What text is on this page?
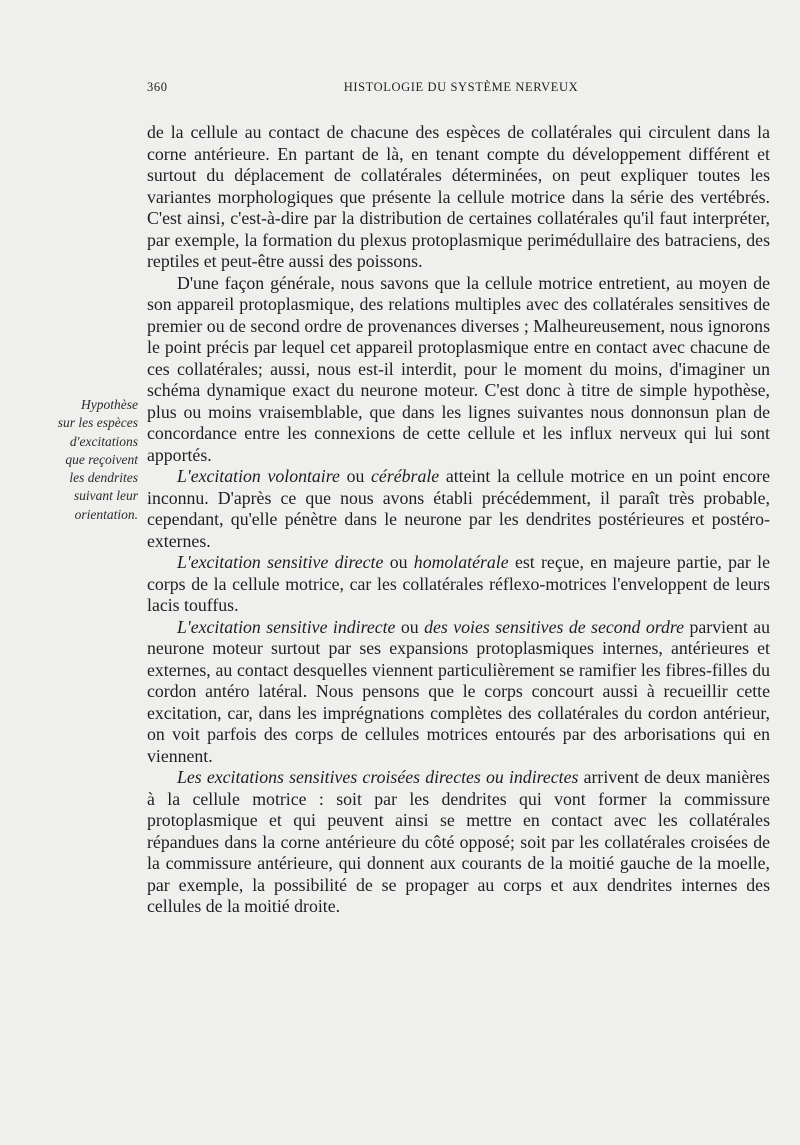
360	HISTOLOGIE DU SYSTÈME NERVEUX
Hypothèse
sur les espèces
d'excitations
que reçoivent
les dendrites
suivant leur
orientation.

de la cellule au contact de chacune des espèces de collatérales qui circulent dans la corne antérieure. En partant de là, en tenant compte du développement différent et surtout du déplacement de collatérales déterminées, on peut expliquer toutes les variantes morphologiques que présente la cellule motrice dans la série des vertébrés. C'est ainsi, c'est-à-dire par la distribution de certaines collatérales qu'il faut interpréter, par exemple, la formation du plexus protoplasmique perimédullaire des batraciens, des reptiles et peut-être aussi des poissons.

D'une façon générale, nous savons que la cellule motrice entretient, au moyen de son appareil protoplasmique, des relations multiples avec des collatérales sensitives de premier ou de second ordre de provenances diverses ; Malheureusement, nous ignorons le point précis par lequel cet appareil protoplasmique entre en contact avec chacune de ces collatérales; aussi, nous est-il interdit, pour le moment du moins, d'imaginer un schéma dynamique exact du neurone moteur. C'est donc à titre de simple hypothèse, plus ou moins vraisemblable, que dans les lignes suivantes nous donnonsun plan de concordance entre les connexions de cette cellule et les influx nerveux qui lui sont apportés.

L'excitation volontaire ou cérébrale atteint la cellule motrice en un point encore inconnu. D'après ce que nous avons établi précédemment, il paraît très probable, cependant, qu'elle pénètre dans le neurone par les dendrites postérieures et postéro-externes.

L'excitation sensitive directe ou homolatérale est reçue, en majeure partie, par le corps de la cellule motrice, car les collatérales réflexo-motrices l'enveloppent de leurs lacis touffus.

L'excitation sensitive indirecte ou des voies sensitives de second ordre parvient au neurone moteur surtout par ses expansions protoplasmiques internes, antérieures et externes, au contact desquelles viennent particulièrement se ramifier les fibres-filles du cordon antéro latéral. Nous pensons que le corps concourt aussi à recueillir cette excitation, car, dans les imprégnations complètes des collatérales du cordon antérieur, on voit parfois des corps de cellules motrices entourés par des arborisations qui en viennent.

Les excitations sensitives croisées directes ou indirectes arrivent de deux manières à la cellule motrice : soit par les dendrites qui vont former la commissure protoplasmique et qui peuvent ainsi se mettre en contact avec les collatérales répandues dans la corne antérieure du côté opposé; soit par les collatérales croisées de la commissure antérieure, qui donnent aux courants de la moitié gauche de la moelle, par exemple, la possibilité de se propager au corps et aux dendrites internes des cellules de la moitié droite.
